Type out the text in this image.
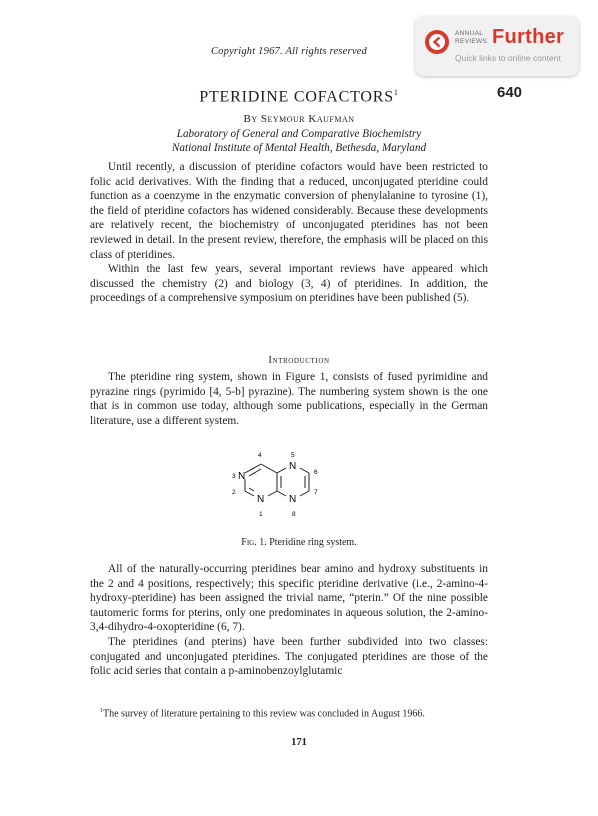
Copyright 1967. All rights reserved
ANNUAL
REVIEWS Further
Quick links to online content
640
PTERIDINE COFACTORS$^1$
By Seymour Kaufman
Laboratory of General and Comparative Biochemistry
National Institute of Mental Health, Bethesda, Maryland

Until recently, a discussion of pteridine cofactors would have been restricted to folic acid derivatives. With the finding that a reduced, unconjugated pteridine could function as a coenzyme in the enzymatic conversion of phenylalanine to tyrosine (1), the field of pteridine cofactors has widened considerably. Because these developments are relatively recent, the biochemistry of unconjugated pteridines has not been reviewed in detail. In the present review, therefore, the emphasis will be placed on this class of pteridines.

Within the last few years, several important reviews have appeared which discussed the chemistry (2) and biology (3, 4) of pteridines. In addition, the proceedings of a comprehensive symposium on pteridines have been published (5).

Introduction

The pteridine ring system, shown in Figure 1, consists of fused pyrimidine and pyrazine rings (pyrimido [4, 5-b] pyrazine). The numbering system shown is the one that is in common use today, although some publications, especially in the German literature, use a different system.

N
N
N
N
4	5
3
6
2	7
1	8
Fig. 1. Pteridine ring system.

All of the naturally-occurring pteridines bear amino and hydroxy substituents in the 2 and 4 positions, respectively; this specific pteridine derivative (i.e., 2-amino-4-hydroxy-pteridine) has been assigned the trivial name, “pterin.” Of the nine possible tautomeric forms for pterins, only one predominates in aqueous solution, the 2-amino-3,4-dihydro-4-oxopteridine (6, 7).

The pteridines (and pterins) have been further subdivided into two classes: conjugated and unconjugated pteridines. The conjugated pteridines are those of the folic acid series that contain a p-aminobenzoylglutamic

$^1$The survey of literature pertaining to this review was concluded in August 1966.

171
